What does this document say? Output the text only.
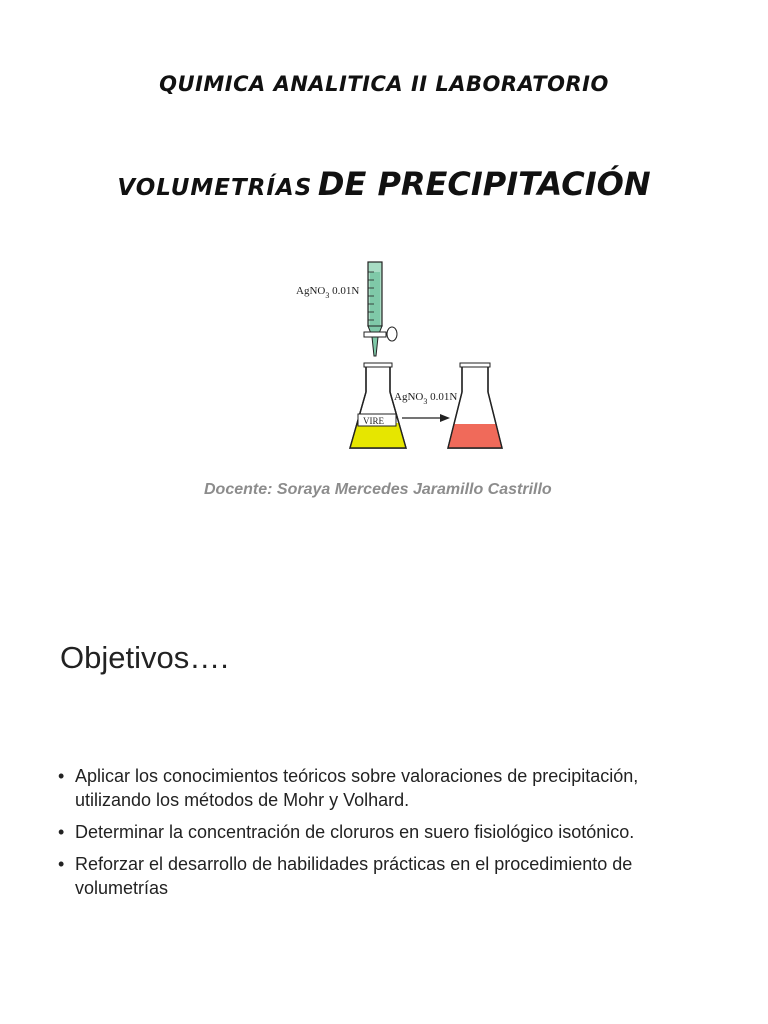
QUIMICA ANALITICA II LABORATORIO
VOLUMETRÍAS DE PRECIPITACIÓN
AgNO$_3$ 0.01N
VIRE
AgNO$_3$ 0.01N
Docente: Soraya Mercedes Jaramillo Castrillo
Objetivos….
• Aplicar los conocimientos teóricos sobre valoraciones de precipitación, utilizando los métodos de Mohr y Volhard.
• Determinar la concentración de cloruros en suero fisiológico isotónico.
• Reforzar el desarrollo de habilidades prácticas en el procedimiento de volumetrías
